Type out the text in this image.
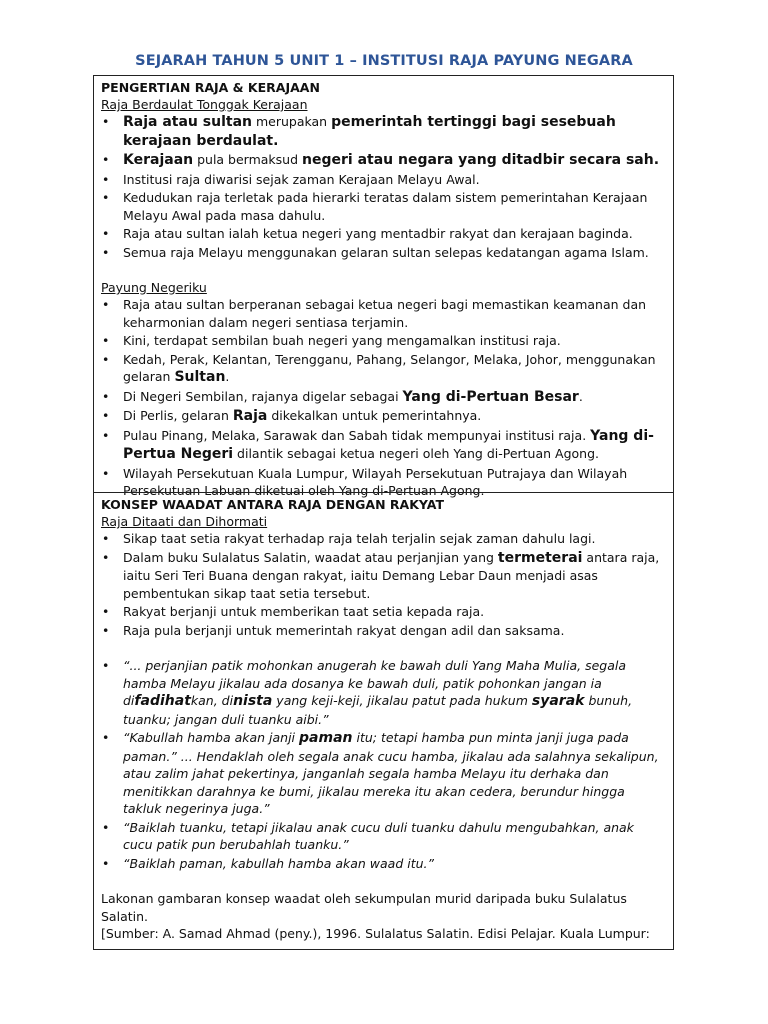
SEJARAH TAHUN 5 UNIT 1 – INSTITUSI RAJA PAYUNG NEGARA

PENGERTIAN RAJA & KERAJAAN

Raja Berdaulat Tonggak Kerajaan

• Raja atau sultan merupakan pemerintah tertinggi bagi sesebuah kerajaan berdaulat.
• Kerajaan pula bermaksud negeri atau negara yang ditadbir secara sah.
• Institusi raja diwarisi sejak zaman Kerajaan Melayu Awal.
• Kedudukan raja terletak pada hierarki teratas dalam sistem pemerintahan Kerajaan Melayu Awal pada masa dahulu.
• Raja atau sultan ialah ketua negeri yang mentadbir rakyat dan kerajaan baginda.
• Semua raja Melayu menggunakan gelaran sultan selepas kedatangan agama Islam.

Payung Negeriku

• Raja atau sultan berperanan sebagai ketua negeri bagi memastikan keamanan dan keharmonian dalam negeri sentiasa terjamin.
• Kini, terdapat sembilan buah negeri yang mengamalkan institusi raja.
• Kedah, Perak, Kelantan, Terengganu, Pahang, Selangor, Melaka, Johor, menggunakan gelaran Sultan.
• Di Negeri Sembilan, rajanya digelar sebagai Yang di-Pertuan Besar.
• Di Perlis, gelaran Raja dikekalkan untuk pemerintahnya.
• Pulau Pinang, Melaka, Sarawak dan Sabah tidak mempunyai institusi raja. Yang di-Pertua Negeri dilantik sebagai ketua negeri oleh Yang di-Pertuan Agong.
• Wilayah Persekutuan Kuala Lumpur, Wilayah Persekutuan Putrajaya dan Wilayah Persekutuan Labuan diketuai oleh Yang di-Pertuan Agong.

KONSEP WAADAT ANTARA RAJA DENGAN RAKYAT

Raja Ditaati dan Dihormati

• Sikap taat setia rakyat terhadap raja telah terjalin sejak zaman dahulu lagi.
• Dalam buku Sulalatus Salatin, waadat atau perjanjian yang termeterai antara raja, iaitu Seri Teri Buana dengan rakyat, iaitu Demang Lebar Daun menjadi asas pembentukan sikap taat setia tersebut.
• Rakyat berjanji untuk memberikan taat setia kepada raja.
• Raja pula berjanji untuk memerintah rakyat dengan adil dan saksama.
• “... perjanjian patik mohonkan anugerah ke bawah duli Yang Maha Mulia, segala hamba Melayu jikalau ada dosanya ke bawah duli, patik pohonkan jangan ia difadihatkan, dinista yang keji-keji, jikalau patut pada hukum syarak bunuh, tuanku; jangan duli tuanku aibi.”
• “Kabullah hamba akan janji paman itu; tetapi hamba pun minta janji juga pada paman.” ... Hendaklah oleh segala anak cucu hamba, jikalau ada salahnya sekalipun, atau zalim jahat pekertinya, janganlah segala hamba Melayu itu derhaka dan menitikkan darahnya ke bumi, jikalau mereka itu akan cedera, berundur hingga takluk negerinya juga.”
• “Baiklah tuanku, tetapi jikalau anak cucu duli tuanku dahulu mengubahkan, anak cucu patik pun berubahlah tuanku.”
• “Baiklah paman, kabullah hamba akan waad itu.”

Lakonan gambaran konsep waadat oleh sekumpulan murid daripada buku Sulalatus Salatin.

[Sumber: A. Samad Ahmad (peny.), 1996. Sulalatus Salatin. Edisi Pelajar. Kuala Lumpur:
